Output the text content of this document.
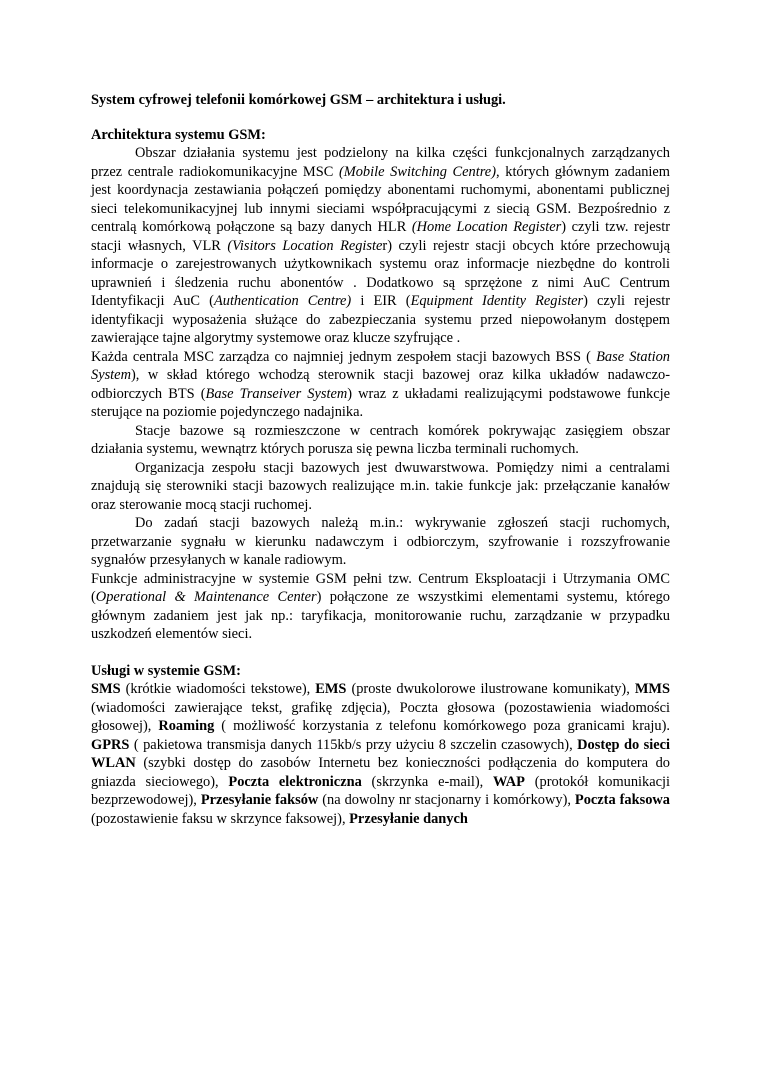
System cyfrowej telefonii komórkowej GSM – architektura i usługi.

Architektura systemu GSM:

Obszar działania systemu jest podzielony na kilka części funkcjonalnych zarządzanych przez centrale radiokomunikacyjne MSC (Mobile Switching Centre), których głównym zadaniem jest koordynacja zestawiania połączeń pomiędzy abonentami ruchomymi, abonentami publicznej sieci telekomunikacyjnej lub innymi sieciami współpracującymi z siecią GSM. Bezpośrednio z centralą komórkową połączone są bazy danych HLR (Home Location Register) czyli tzw. rejestr stacji własnych, VLR (Visitors Location Register) czyli rejestr stacji obcych które przechowują informacje o zarejestrowanych użytkownikach systemu oraz informacje niezbędne do kontroli uprawnień i śledzenia ruchu abonentów . Dodatkowo są sprzężone z nimi AuC Centrum Identyfikacji AuC (Authentication Centre) i EIR (Equipment Identity Register) czyli rejestr identyfikacji wyposażenia służące do zabezpieczania systemu przed niepowołanym dostępem zawierające tajne algorytmy systemowe oraz klucze szyfrujące .

Każda centrala MSC zarządza co najmniej jednym zespołem stacji bazowych BSS ( Base Station System), w skład którego wchodzą sterownik stacji bazowej oraz kilka układów nadawczo-odbiorczych BTS (Base Transeiver System) wraz z układami realizującymi podstawowe funkcje sterujące na poziomie pojedynczego nadajnika.

Stacje bazowe są rozmieszczone w centrach komórek pokrywając zasięgiem obszar działania systemu, wewnątrz których porusza się pewna liczba terminali ruchomych.

Organizacja zespołu stacji bazowych jest dwuwarstwowa. Pomiędzy nimi a centralami znajdują się sterowniki stacji bazowych realizujące m.in. takie funkcje jak: przełączanie kanałów oraz sterowanie mocą stacji ruchomej.

Do zadań stacji bazowych należą m.in.: wykrywanie zgłoszeń stacji ruchomych, przetwarzanie sygnału w kierunku nadawczym i odbiorczym, szyfrowanie i rozszyfrowanie sygnałów przesyłanych w kanale radiowym.

Funkcje administracyjne w systemie GSM pełni tzw. Centrum Eksploatacji i Utrzymania OMC (Operational & Maintenance Center) połączone ze wszystkimi elementami systemu, którego głównym zadaniem jest jak np.: taryfikacja, monitorowanie ruchu, zarządzanie w przypadku uszkodzeń elementów sieci.

Usługi w systemie GSM:

SMS (krótkie wiadomości tekstowe), EMS (proste dwukolorowe ilustrowane komunikaty), MMS (wiadomości zawierające tekst, grafikę zdjęcia), Poczta głosowa (pozostawienia wiadomości głosowej), Roaming ( możliwość korzystania z telefonu komórkowego poza granicami kraju). GPRS ( pakietowa transmisja danych 115kb/s przy użyciu 8 szczelin czasowych), Dostęp do sieci WLAN (szybki dostęp do zasobów Internetu bez konieczności podłączenia do komputera do gniazda sieciowego), Poczta elektroniczna (skrzynka e-mail), WAP (protokół komunikacji bezprzewodowej), Przesyłanie faksów (na dowolny nr stacjonarny i komórkowy), Poczta faksowa (pozostawienie faksu w skrzynce faksowej), Przesyłanie danych
